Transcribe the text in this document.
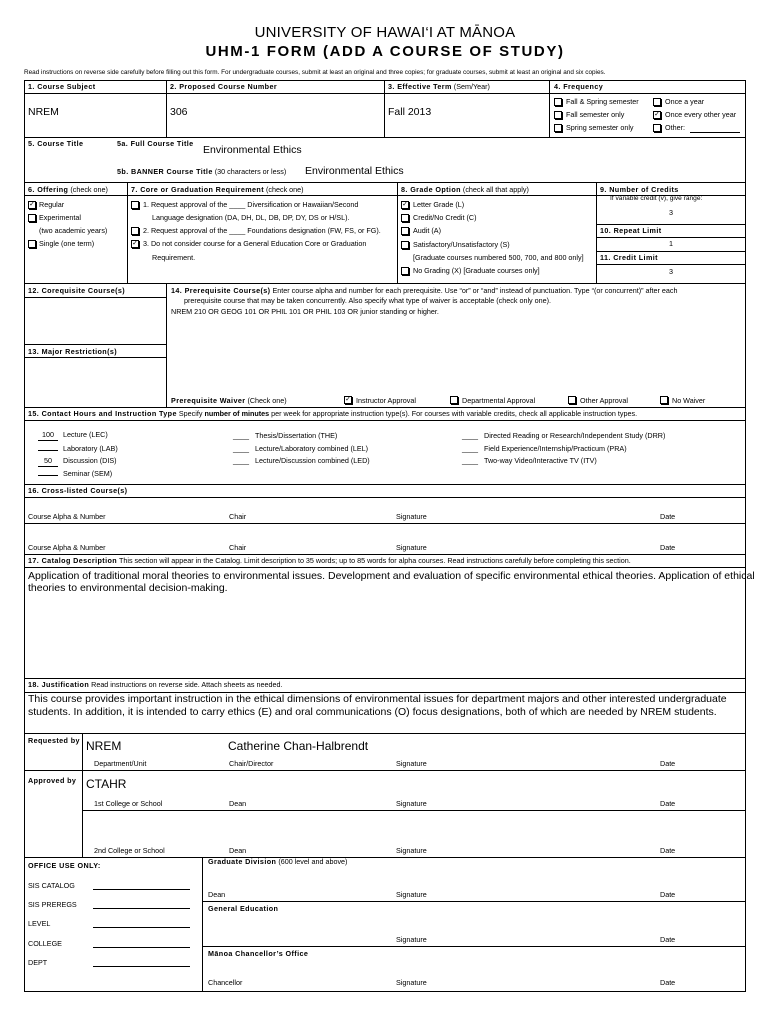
UNIVERSITY OF HAWAI‘I AT MĀNOA
UHM-1 FORM (ADD A COURSE OF STUDY)
Read instructions on reverse side carefully before filling out this form. For undergraduate courses, submit at least an original and three copies; for graduate courses, submit at least an original and six copies.
1. Course Subject
NREM
2. Proposed Course Number
306
3. Effective Term (Sem/Year)
Fall 2013
4. Frequency
Fall & Spring semester	Once a year
Fall semester only	✓ Once every other year
Spring semester only	Other:
5. Course Title	5a. Full Course Title
Environmental Ethics
5b. BANNER Course Title (30 characters or less) Environmental Ethics
6. Offering (check one)
✓ Regular
Experimental
(two academic years)
Single (one term)
7. Core or Graduation Requirement (check one)
1. Request approval of the ____ Diversification or Hawaiian/Second
Language designation (DA, DH, DL, DB, DP, DY, DS or H/SL).
2. Request approval of the ____ Foundations designation (FW, FS, or FG).
✓ 3. Do not consider course for a General Education Core or Graduation
Requirement.
8. Grade Option (check all that apply)
✓ Letter Grade (L)
Credit/No Credit (C)
Audit (A)
Satisfactory/Unsatisfactory (S)
[Graduate courses numbered 500, 700, and 800 only]
No Grading (X) [Graduate courses only]
9. Number of Credits
If variable credit (v), give range:
3
10. Repeat Limit
1
11. Credit Limit
3
12. Corequisite Course(s)
13. Major Restriction(s)
14. Prerequisite Course(s) Enter course alpha and number for each prerequisite. Use “or” or “and” instead of punctuation. Type “(or concurrent)” after each
prerequisite course that may be taken concurrently. Also specify what type of waiver is acceptable (check only one).
NREM 210 OR GEOG 101 OR PHIL 101 OR PHIL 103 OR junior standing or higher.
Prerequisite Waiver (Check one)	✓ Instructor Approval	Departmental Approval	Other Approval	No Waiver
15. Contact Hours and Instruction Type Specify number of minutes per week for appropriate instruction type(s). For courses with variable credits, check all applicable instruction types.
100 Lecture (LEC)
Laboratory (LAB)
50 Discussion (DIS)
Seminar (SEM)
____ Thesis/Dissertation (THE)
____ Lecture/Laboratory combined (LEL)
____ Lecture/Discussion combined (LED)
____ Directed Reading or Research/Independent Study (DRR)
____ Field Experience/Internship/Practicum (PRA)
____ Two-way Video/Interactive TV (ITV)
16. Cross-listed Course(s)
Course Alpha & Number	Chair	Signature	Date
Course Alpha & Number	Chair	Signature	Date
17. Catalog Description This section will appear in the Catalog. Limit description to 35 words; up to 85 words for alpha courses. Read instructions carefully before completing this section.
Application of traditional moral theories to environmental issues. Development and evaluation of specific environmental ethical theories. Application of ethical
theories to environmental decision-making.
18. Justification Read instructions on reverse side. Attach sheets as needed.
This course provides important instruction in the ethical dimensions of environmental issues for department majors and other interested undergraduate
students. In addition, it is intended to carry ethics (E) and oral communications (O) focus designations, both of which are needed by NREM students.
Requested by NREM	Catherine Chan-Halbrendt
Department/Unit	Chair/Director	Signature	Date
Approved by CTAHR
1st College or School	Dean	Signature	Date
2nd College or School	Dean	Signature	Date
OFFICE USE ONLY:
SIS CATALOG
SIS PREREGS
LEVEL
COLLEGE
DEPT
Graduate Division (600 level and above)
Dean	Signature	Date
General Education
Signature	Date
Mānoa Chancellor’s Office
Chancellor	Signature	Date
